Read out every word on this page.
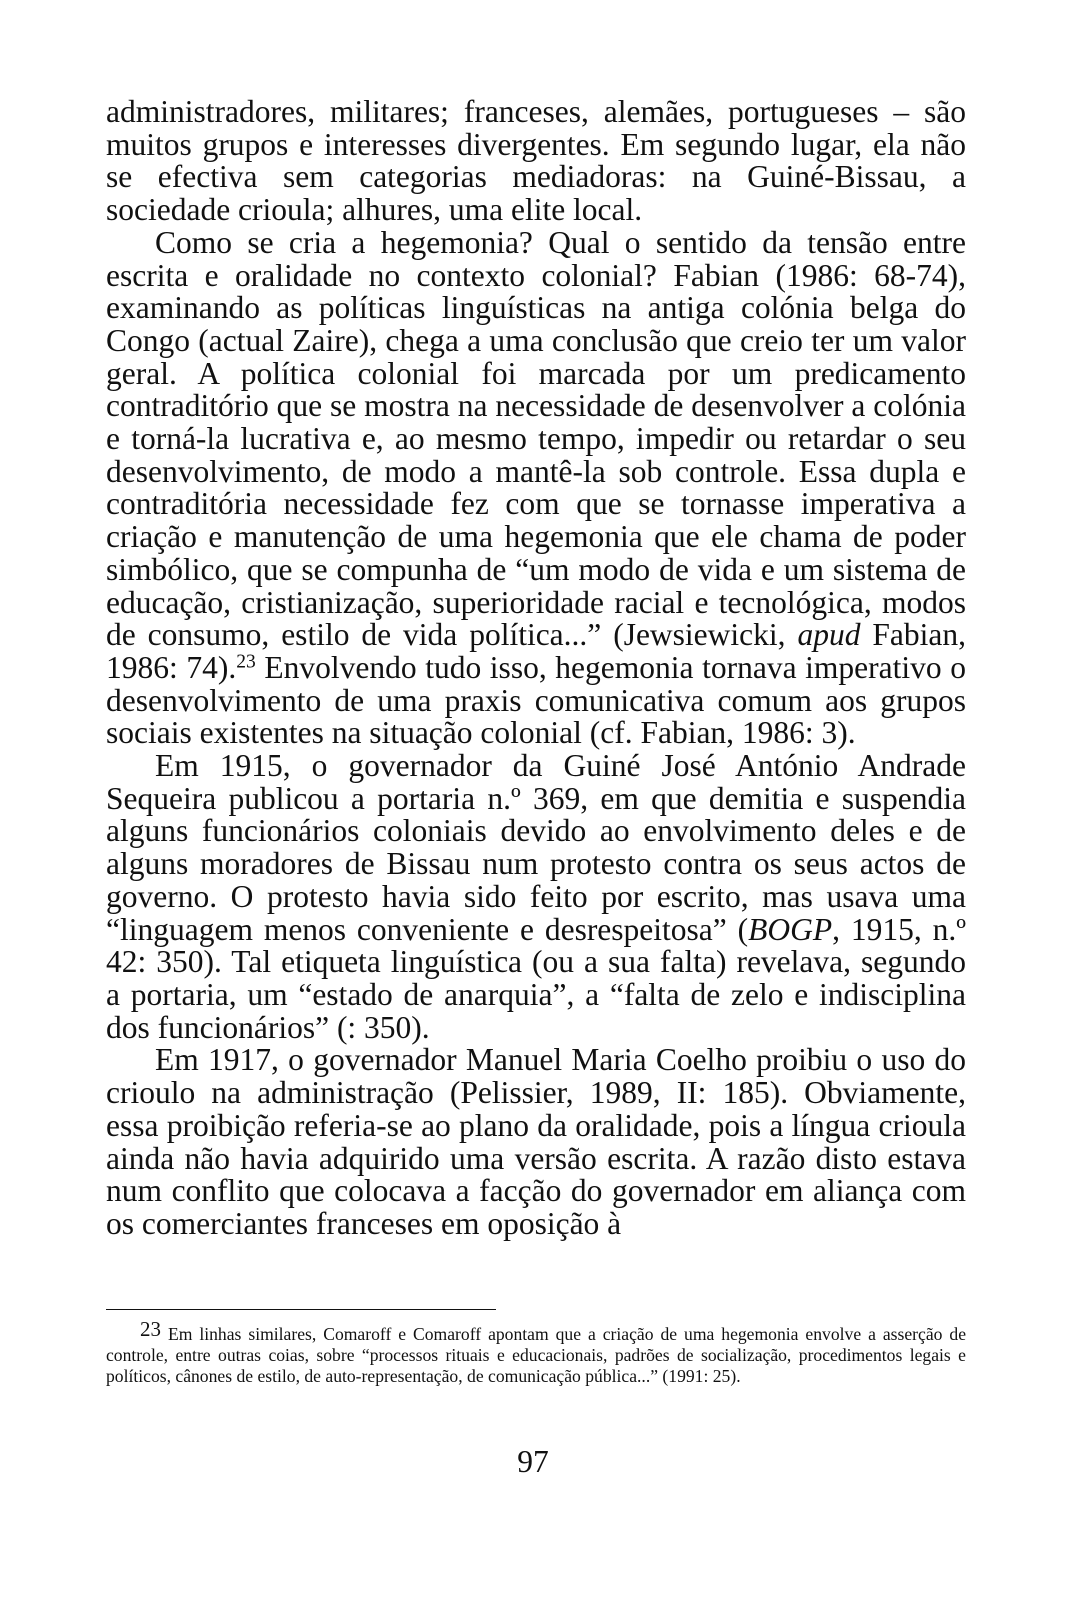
administradores, militares; franceses, alemães, portugueses – são muitos grupos e interesses divergentes. Em segundo lugar, ela não se efectiva sem categorias mediadoras: na Guiné-Bissau, a sociedade crioula; alhures, uma elite local.

Como se cria a hegemonia? Qual o sentido da tensão entre escrita e oralidade no contexto colonial? Fabian (1986: 68-74), examinando as políticas linguísticas na antiga colónia belga do Congo (actual Zaire), chega a uma conclusão que creio ter um valor geral. A política colonial foi marcada por um predicamento contraditório que se mostra na necessidade de desenvolver a colónia e torná-la lucrativa e, ao mesmo tempo, impedir ou retardar o seu desenvolvimento, de modo a mantê-la sob controle. Essa dupla e contraditória necessidade fez com que se tornasse imperativa a criação e manutenção de uma hegemonia que ele chama de poder simbólico, que se compunha de “um modo de vida e um sistema de educação, cristianização, superioridade racial e tecnológica, modos de consumo, estilo de vida política...” (Jewsiewicki, apud Fabian, 1986: 74).$^{23}$ Envolvendo tudo isso, hegemonia tornava imperativo o desenvolvimento de uma praxis comunicativa comum aos grupos sociais existentes na situação colonial (cf. Fabian, 1986: 3).

Em 1915, o governador da Guiné José António Andrade Sequeira publicou a portaria n.º 369, em que demitia e suspendia alguns funcionários coloniais devido ao envolvimento deles e de alguns moradores de Bissau num protesto contra os seus actos de governo. O protesto havia sido feito por escrito, mas usava uma “linguagem menos conveniente e desrespeitosa” (BOGP, 1915, n.º 42: 350). Tal etiqueta linguística (ou a sua falta) revelava, segundo a portaria, um “estado de anarquia”, a “falta de zelo e indisciplina dos funcionários” (: 350).

Em 1917, o governador Manuel Maria Coelho proibiu o uso do crioulo na administração (Pelissier, 1989, II: 185). Obviamente, essa proibição referia-se ao plano da oralidade, pois a língua crioula ainda não havia adquirido uma versão escrita. A razão disto estava num conflito que colocava a facção do governador em aliança com os comerciantes franceses em oposição à

23 Em linhas similares, Comaroff e Comaroff apontam que a criação de uma hegemonia envolve a asserção de controle, entre outras coias, sobre “processos rituais e educacionais, padrões de socialização, procedimentos legais e políticos, cânones de estilo, de auto-representação, de comunicação pública...” (1991: 25).

97
